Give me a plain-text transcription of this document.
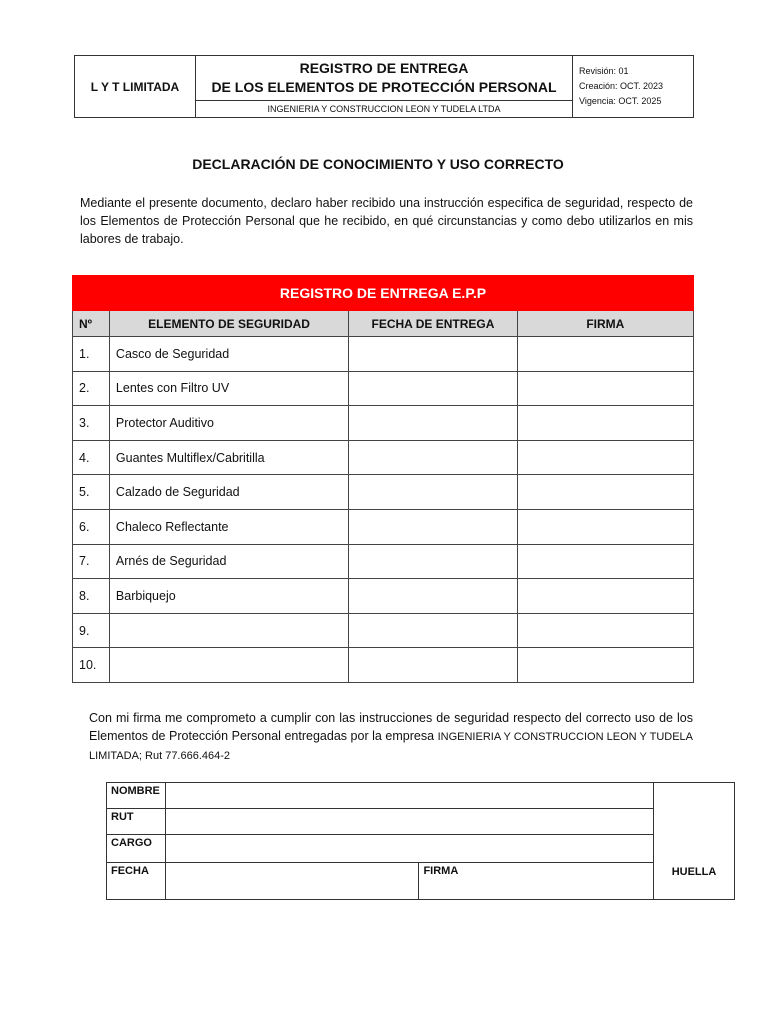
L Y T LIMITADA	
REGISTRO DE ENTREGA
DE LOS ELEMENTOS DE PROTECCIÓN PERSONAL

Revisión: 01
Creación: OCT. 2023
Vigencia: OCT. 2025

INGENIERIA Y CONSTRUCCION LEON Y TUDELA LTDA
DECLARACIÓN DE CONOCIMIENTO Y USO CORRECTO

Mediante el presente documento, declaro haber recibido una instrucción especifica de seguridad, respecto de los Elementos de Protección Personal que he recibido, en qué circunstancias y como debo utilizarlos en mis labores de trabajo.

REGISTRO DE ENTREGA E.P.P			
Nº	ELEMENTO DE SEGURIDAD	FECHA DE ENTREGA	FIRMA
1.	Casco de Seguridad		
2.	Lentes con Filtro UV		
3.	Protector Auditivo		
4.	Guantes Multiflex/Cabritilla		
5.	Calzado de Seguridad		
6.	Chaleco Reflectante		
7.	Arnés de Seguridad		
8.	Barbiquejo		
9.			
10.			

Con mi firma me comprometo a cumplir con las instrucciones de seguridad respecto del correcto uso de los Elementos de Protección Personal entregadas por la empresa INGENIERIA Y CONSTRUCCION LEON Y TUDELA LIMITADA; Rut 77.666.464-2

NOMBRE			HUELLA
RUT			
CARGO			
FECHA		FIRMA	
